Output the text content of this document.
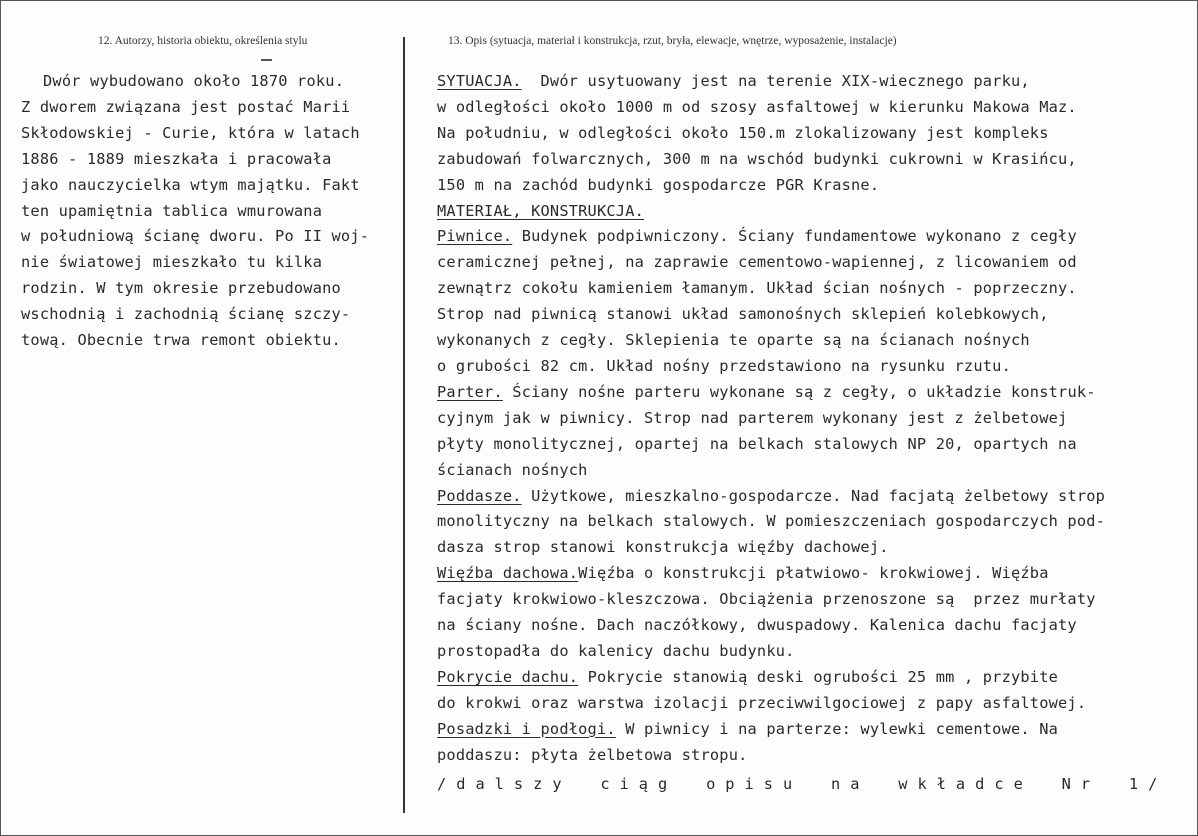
12. Autorzy, historia obiektu, określenia stylu	13. Opis (sytuacja, materiał i konstrukcja, rzut, bryła, elewacje, wnętrze, wyposażenie, instalacje)
Dwór wybudowano około 1870 roku.
Z dworem związana jest postać Marii
Skłodowskiej - Curie, która w latach
1886 - 1889 mieszkała i pracowała
jako nauczycielka wtym majątku. Fakt
ten upamiętnia tablica wmurowana
w południową ścianę dworu. Po II woj-
nie światowej mieszkało tu kilka
rodzin. W tym okresie przebudowano
wschodnią i zachodnią ścianę szczy-
tową. Obecnie trwa remont obiektu.
SYTUACJA.  Dwór usytuowany jest na terenie XIX-wiecznego parku,
w odległości około 1000 m od szosy asfaltowej w kierunku Makowa Maz.
Na południu, w odległości około 150.m zlokalizowany jest kompleks
zabudowań folwarcznych, 300 m na wschód budynki cukrowni w Krasińcu,
150 m na zachód budynki gospodarcze PGR Krasne.
MATERIAŁ, KONSTRUKCJA.
Piwnice. Budynek podpiwniczony. Ściany fundamentowe wykonano z cegły
ceramicznej pełnej, na zaprawie cementowo-wapiennej, z licowaniem od
zewnątrz cokołu kamieniem łamanym. Układ ścian nośnych - poprzeczny.
Strop nad piwnicą stanowi układ samonośnych sklepień kolebkowych,
wykonanych z cegły. Sklepienia te oparte są na ścianach nośnych
o grubości 82 cm. Układ nośny przedstawiono na rysunku rzutu.
Parter. Ściany nośne parteru wykonane są z cegły, o układzie konstruk-
cyjnym jak w piwnicy. Strop nad parterem wykonany jest z żelbetowej
płyty monolitycznej, opartej na belkach stalowych NP 20, opartych na
ścianach nośnych
Poddasze. Użytkowe, mieszkalno-gospodarcze. Nad facjatą żelbetowy strop
monolityczny na belkach stalowych. W pomieszczeniach gospodarczych pod-
dasza strop stanowi konstrukcja więźby dachowej.
Więźba dachowa.Więźba o konstrukcji płatwiowo- krokwiowej. Więźba
facjaty krokwiowo-kleszczowa. Obciążenia przenoszone są  przez murłaty
na ściany nośne. Dach naczółkowy, dwuspadowy. Kalenica dachu facjaty
prostopadła do kalenicy dachu budynku.
Pokrycie dachu. Pokrycie stanowią deski ogrubości 25 mm , przybite
do krokwi oraz warstwa izolacji przeciwwilgociowej z papy asfaltowej.
Posadzki i podłogi. W piwnicy i na parterze: wylewki cementowe. Na
poddaszu: płyta żelbetowa stropu.
/ d a l s z y    c i ą g    o p i s u    n a    w k ł a d c e    N r    1 /
